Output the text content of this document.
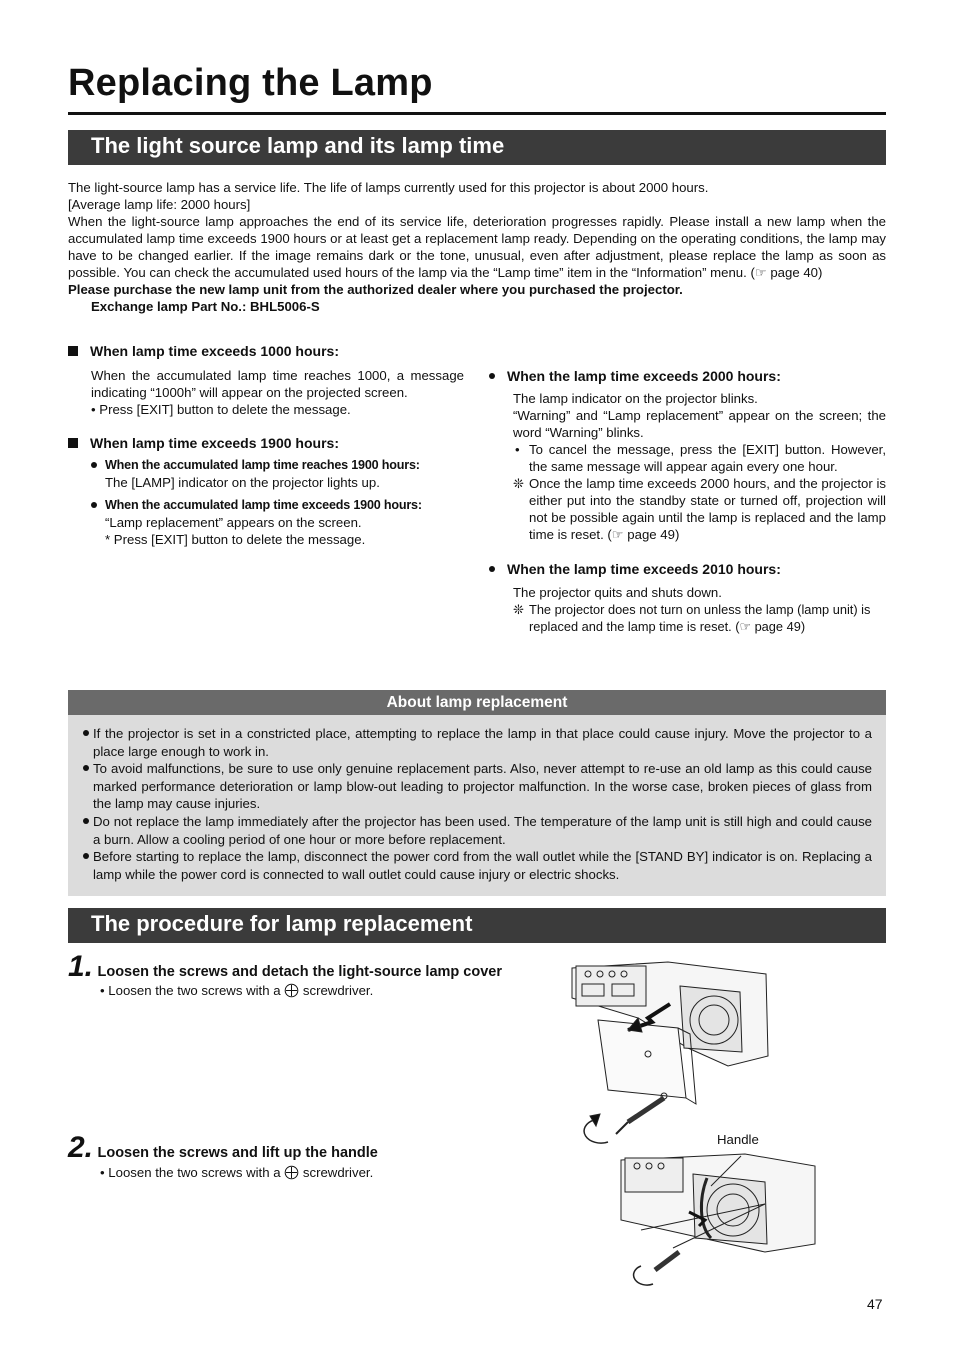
Replacing the Lamp
The light source lamp and its lamp time

The light-source lamp has a service life. The life of lamps currently used for this projector is about 2000 hours.

[Average lamp life: 2000 hours]

When the light-source lamp approaches the end of its service life, deterioration progresses rapidly. Please install a new lamp when the accumulated lamp time exceeds 1900 hours or at least get a replacement lamp ready. Depending on the operating conditions, the lamp may have to be changed earlier. If the image remains dark or the tone, unusual, even after adjustment, please replace the lamp as soon as possible. You can check the accumulated used hours of the lamp via the “Lamp time” item in the “Information” menu. (☞ page 40)

Please purchase the new lamp unit from the authorized dealer where you purchased the projector.

Exchange lamp Part No.: BHL5006-S

When lamp time exceeds 1000 hours:
When the accumulated lamp time reaches 1000, a message indicating “1000h” will appear on the projected screen.
• Press [EXIT] button to delete the message.
When lamp time exceeds 1900 hours:
When the accumulated lamp time reaches 1900 hours:
The [LAMP] indicator on the projector lights up.
When the accumulated lamp time exceeds 1900 hours:
“Lamp replacement” appears on the screen.
* Press [EXIT] button to delete the message.
When the lamp time exceeds 2000 hours:
The lamp indicator on the projector blinks.
“Warning” and “Lamp replacement” appear on the screen; the word “Warning” blinks.
• To cancel the message, press the [EXIT] button. However, the same message will appear again every one hour.
❊ Once the lamp time exceeds 2000 hours, and the projector is either put into the standby state or turned off, projection will not be possible again until the lamp is replaced and the lamp time is reset. (☞ page 49)
When the lamp time exceeds 2010 hours:
The projector quits and shuts down.
❊ The projector does not turn on unless the lamp (lamp unit) is replaced and the lamp time is reset. (☞ page 49)
About lamp replacement
If the projector is set in a constricted place, attempting to replace the lamp in that place could cause injury. Move the projector to a place large enough to work in.
To avoid malfunctions, be sure to use only genuine replacement parts. Also, never attempt to re-use an old lamp as this could cause marked performance deterioration or lamp blow-out leading to projector malfunction. In the worse case, broken pieces of glass from the lamp may cause injuries.
Do not replace the lamp immediately after the projector has been used. The temperature of the lamp unit is still high and could cause a burn. Allow a cooling period of one hour or more before replacement.
Before starting to replace the lamp, disconnect the power cord from the wall outlet while the [STAND BY] indicator is on. Replacing a lamp while the power cord is connected to wall outlet could cause injury or electric shocks.
The procedure for lamp replacement
1. Loosen the screws and detach the light-source lamp cover
• Loosen the two screws with a screwdriver.
2. Loosen the screws and lift up the handle
• Loosen the two screws with a screwdriver.
Handle
47
